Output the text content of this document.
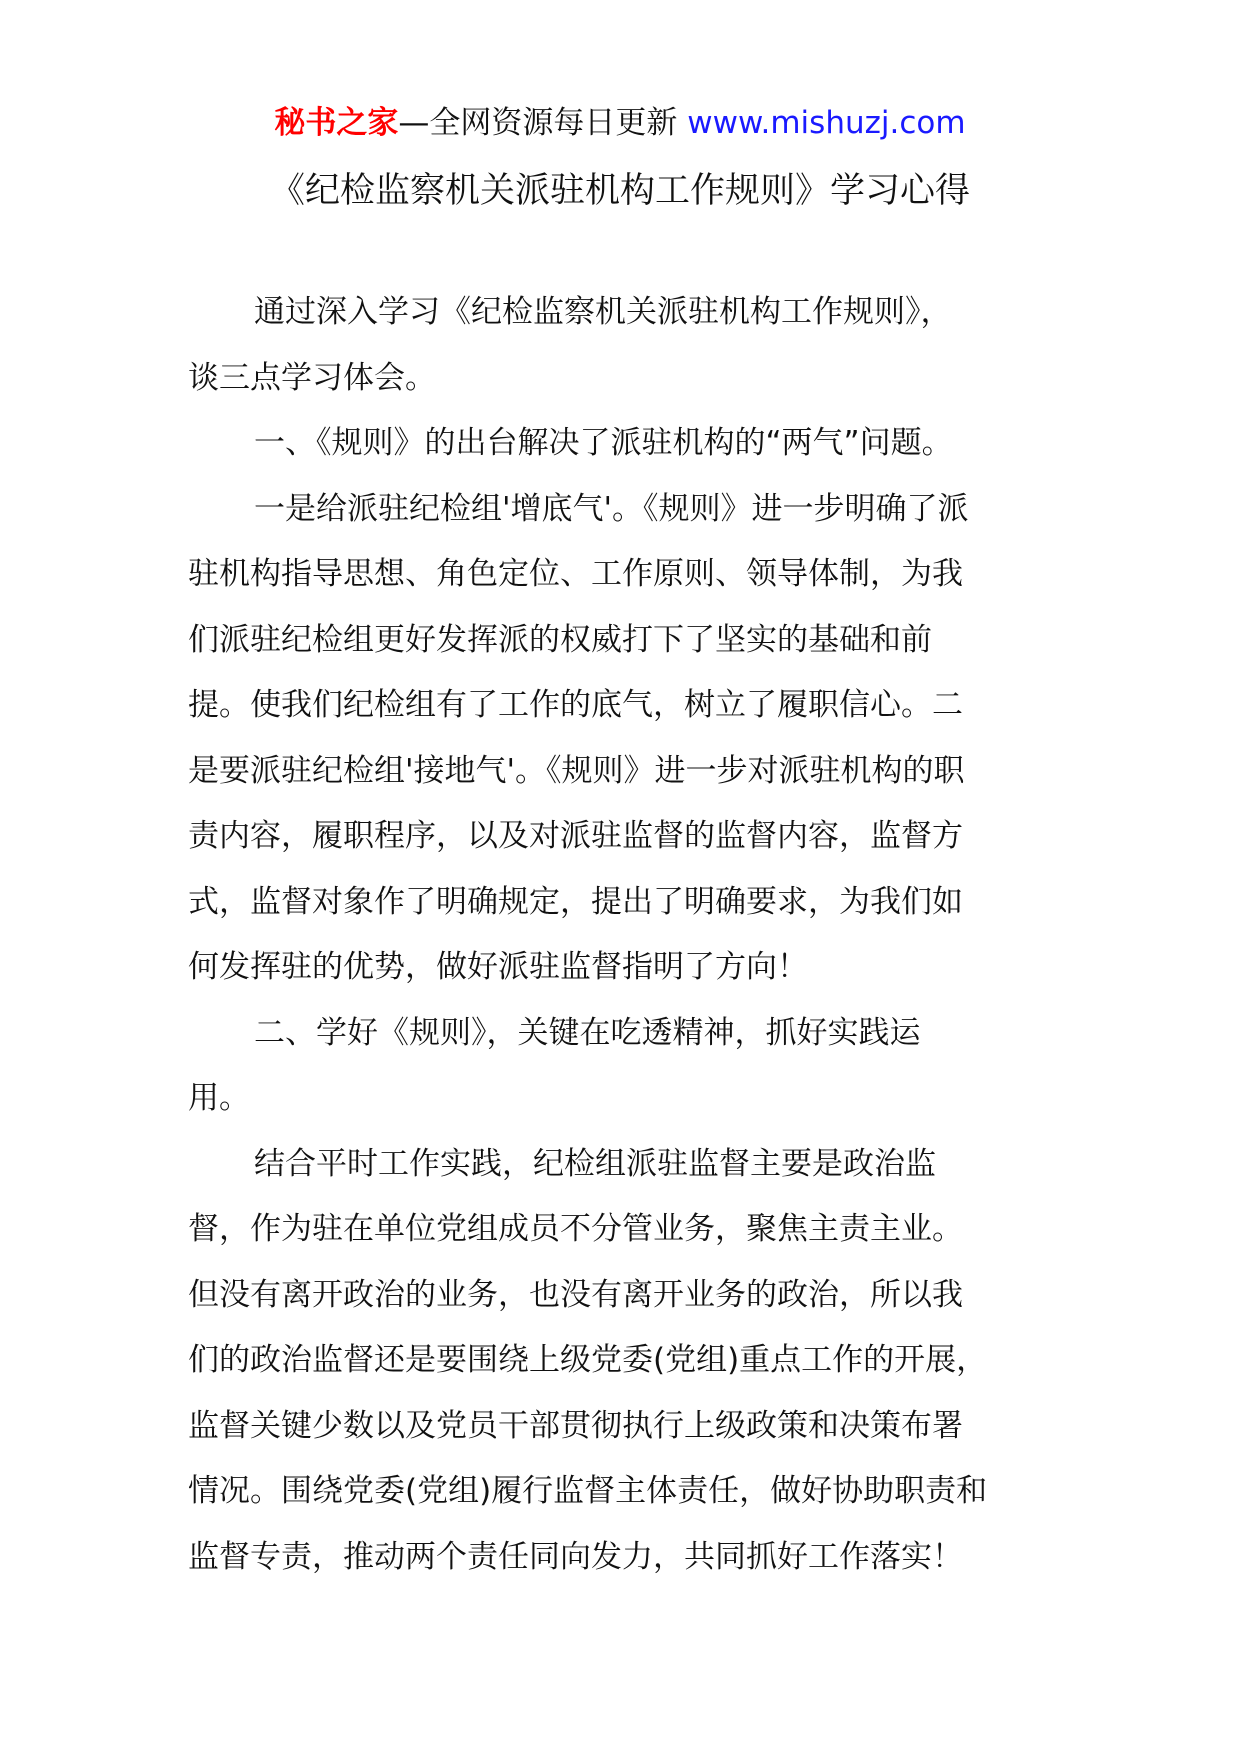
秘书之家—全网资源每日更新 www.mishuzj.com
《纪检监察机关派驻机构工作规则》学习心得
通过深入学习《纪检监察机关派驻机构工作规则》，
谈三点学习体会。
一、《规则》的出台解决了派驻机构的“两气”问题。
一是给派驻纪检组'增底气'。《规则》进一步明确了派
驻机构指导思想、角色定位、工作原则、领导体制，为我
们派驻纪检组更好发挥派的权威打下了坚实的基础和前
提。使我们纪检组有了工作的底气，树立了履职信心。二
是要派驻纪检组'接地气'。《规则》进一步对派驻机构的职
责内容，履职程序，以及对派驻监督的监督内容，监督方
式，监督对象作了明确规定，提出了明确要求，为我们如
何发挥驻的优势，做好派驻监督指明了方向！
二、学好《规则》，关键在吃透精神，抓好实践运
用。
结合平时工作实践，纪检组派驻监督主要是政治监
督，作为驻在单位党组成员不分管业务，聚焦主责主业。
但没有离开政治的业务，也没有离开业务的政治，所以我
们的政治监督还是要围绕上级党委(党组)重点工作的开展，
监督关键少数以及党员干部贯彻执行上级政策和决策布署
情况。围绕党委(党组)履行监督主体责任，做好协助职责和
监督专责，推动两个责任同向发力，共同抓好工作落实！
